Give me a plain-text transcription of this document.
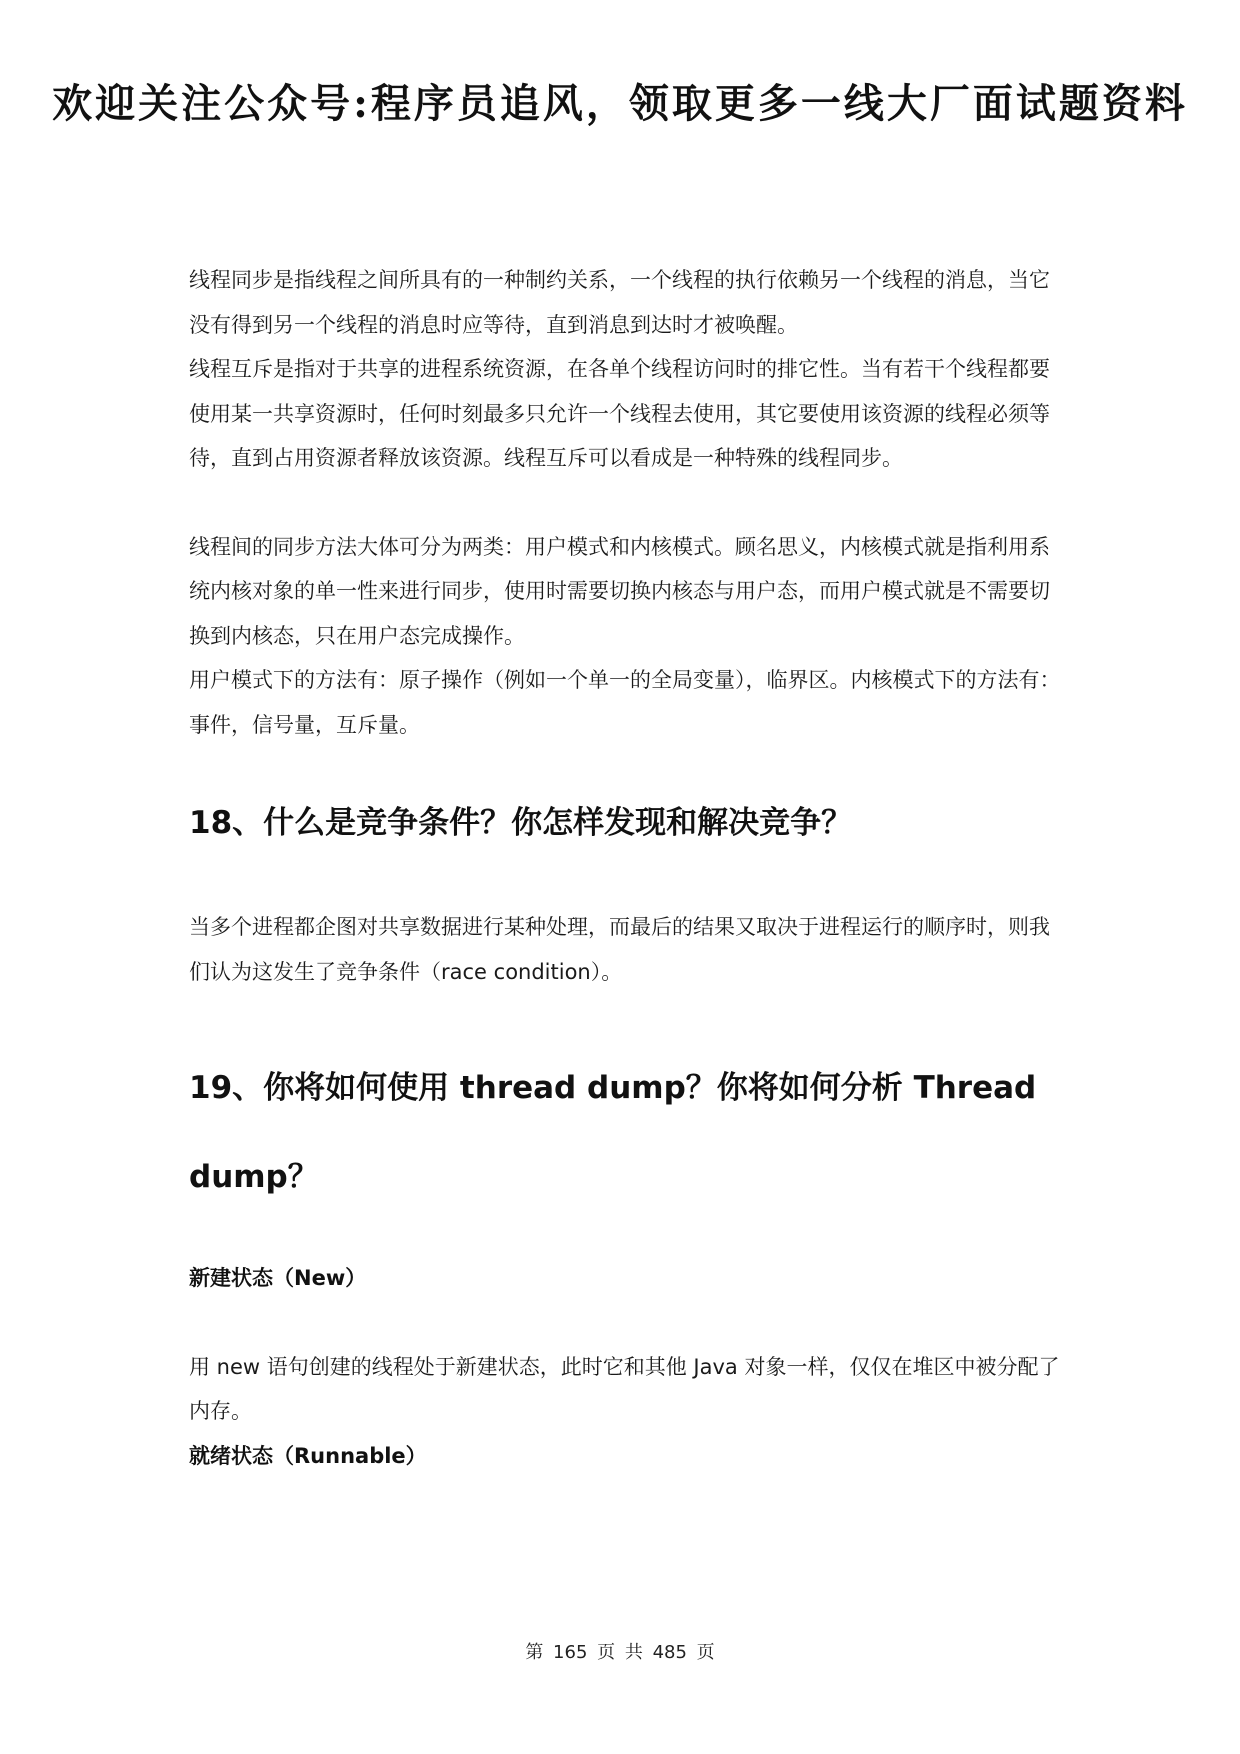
欢迎关注公众号:程序员追风，领取更多一线大厂面试题资料

线程同步是指线程之间所具有的一种制约关系，一个线程的执行依赖另一个线程的消息，当它没有得到另一个线程的消息时应等待，直到消息到达时才被唤醒。

线程互斥是指对于共享的进程系统资源，在各单个线程访问时的排它性。当有若干个线程都要使用某一共享资源时，任何时刻最多只允许一个线程去使用，其它要使用该资源的线程必须等待，直到占用资源者释放该资源。线程互斥可以看成是一种特殊的线程同步。

线程间的同步方法大体可分为两类：用户模式和内核模式。顾名思义，内核模式就是指利用系统内核对象的单一性来进行同步，使用时需要切换内核态与用户态，而用户模式就是不需要切换到内核态，只在用户态完成操作。

用户模式下的方法有：原子操作（例如一个单一的全局变量），临界区。内核模式下的方法有：事件，信号量，互斥量。

18、什么是竞争条件？你怎样发现和解决竞争？

当多个进程都企图对共享数据进行某种处理，而最后的结果又取决于进程运行的顺序时，则我们认为这发生了竞争条件（race condition）。

19、你将如何使用 thread dump？你将如何分析 Thread dump？

新建状态（New）

用 new 语句创建的线程处于新建状态，此时它和其他 Java 对象一样，仅仅在堆区中被分配了内存。

就绪状态（Runnable）

第 165 页 共 485 页
